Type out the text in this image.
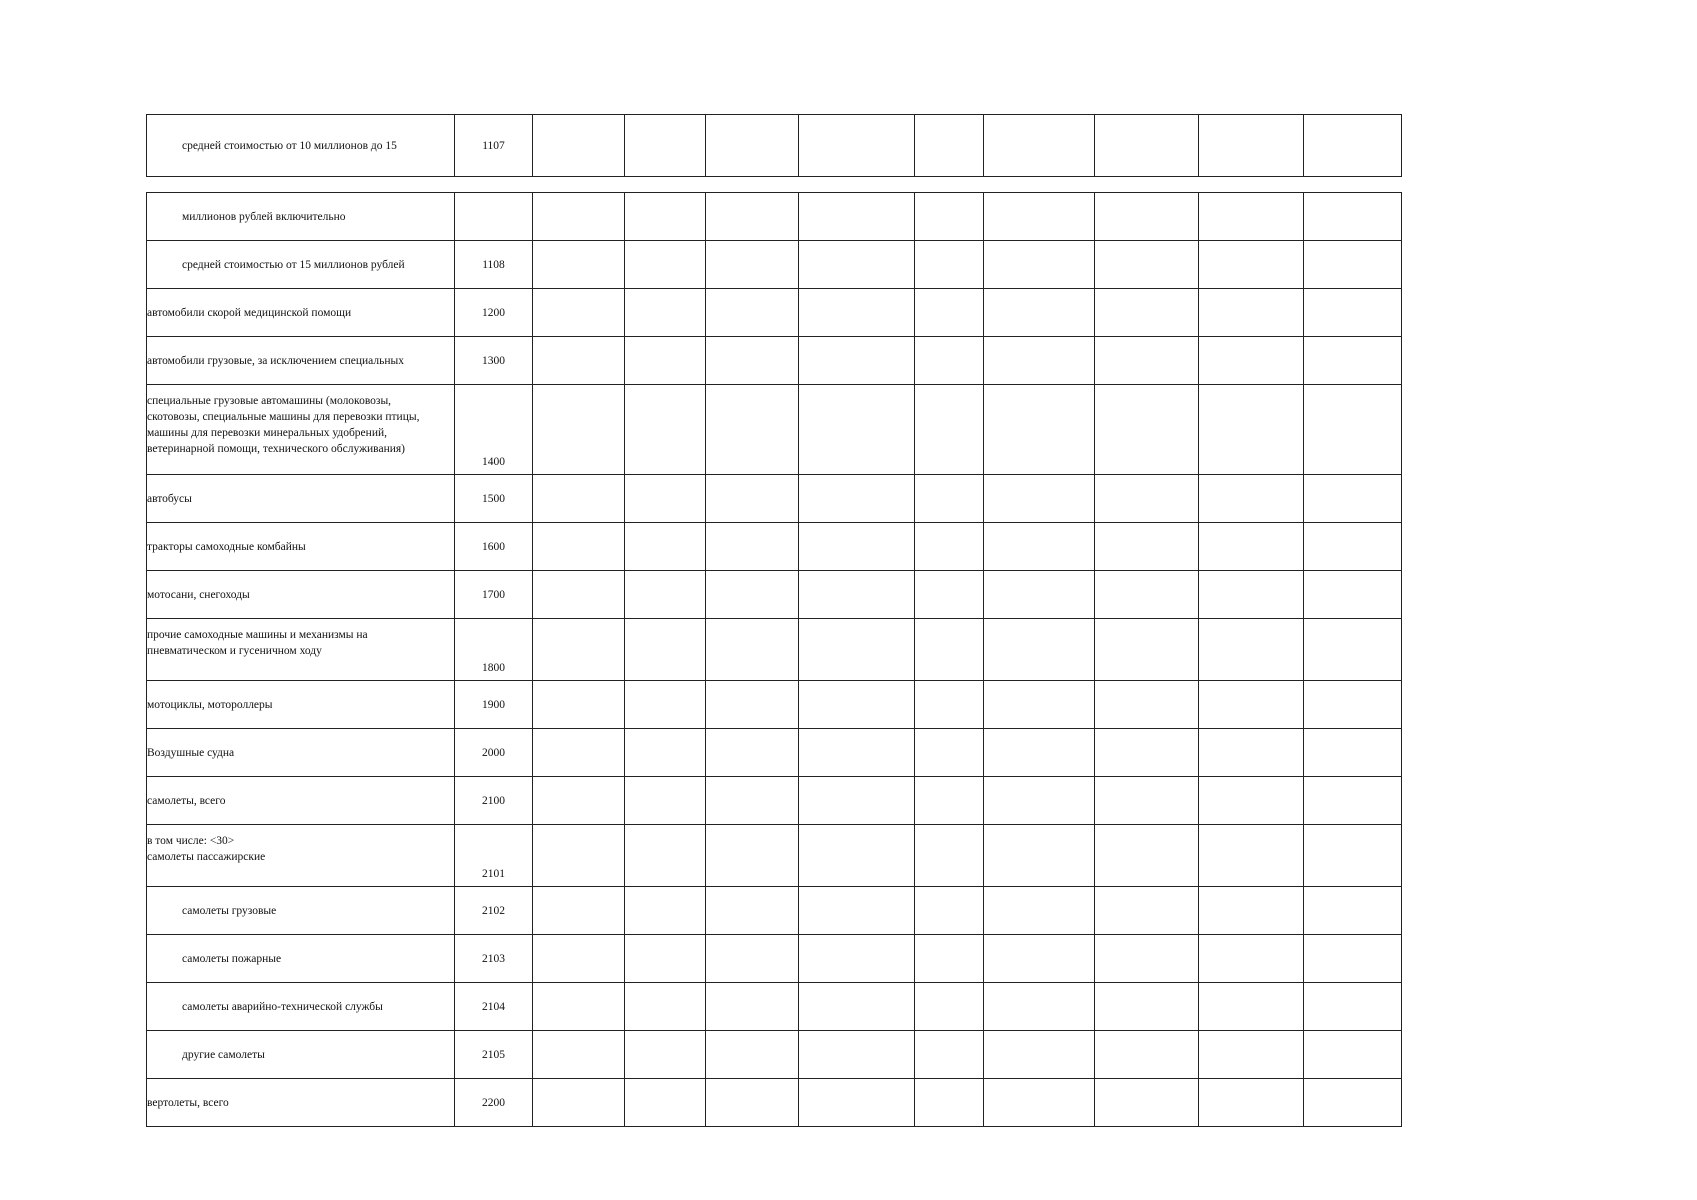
средней стоимостью от 10 миллионов до 15	1107									
миллионов рублей включительно										
средней стоимостью от 15 миллионов рублей	1108									
автомобили скорой медицинской помощи	1200									
автомобили грузовые, за исключением специальных	1300									
специальные грузовые автомашины (молоковозы,
скотовозы, специальные машины для перевозки птицы,
машины для перевозки минеральных удобрений,
ветеринарной помощи, технического обслуживания)	1400									
автобусы	1500									
тракторы самоходные комбайны	1600									
мотосани, снегоходы	1700									
прочие самоходные машины и механизмы на
пневматическом и гусеничном ходу	1800									
мотоциклы, мотороллеры	1900									
Воздушные судна	2000									
самолеты, всего	2100									
в том числе: <30>
самолеты пассажирские	2101									
самолеты грузовые	2102									
самолеты пожарные	2103									
самолеты аварийно-технической службы	2104									
другие самолеты	2105									
вертолеты, всего	2200									
